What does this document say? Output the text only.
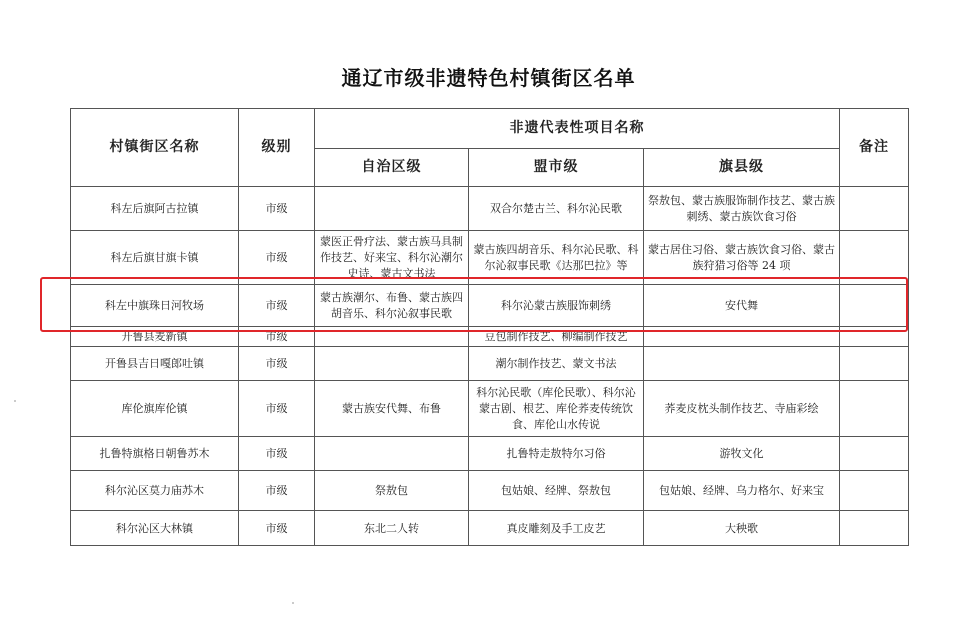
通辽市级非遗特色村镇街区名单
村镇街区名称	级别	非遗代表性项目名称			备注
		自治区级	盟市级	旗县级	
科左后旗阿古拉镇	市级		双合尔楚古兰、科尔沁民歌	祭敖包、蒙古族服饰制作技艺、蒙古族刺绣、蒙古族饮食习俗	
科左后旗甘旗卡镇	市级	蒙医正骨疗法、蒙古族马具制作技艺、好来宝、科尔沁潮尔史诗、蒙古文书法	蒙古族四胡音乐、科尔沁民歌、科尔沁叙事民歌《达那巴拉》等	蒙古居住习俗、蒙古族饮食习俗、蒙古族狩猎习俗等 24 项	
科左中旗珠日河牧场	市级	蒙古族潮尔、布鲁、蒙古族四胡音乐、科尔沁叙事民歌	科尔沁蒙古族服饰刺绣	安代舞	
开鲁县麦新镇	市级		豆包制作技艺、柳编制作技艺		
开鲁县吉日嘎郎吐镇	市级		潮尔制作技艺、蒙文书法		
库伦旗库伦镇	市级	蒙古族安代舞、布鲁	科尔沁民歌（库伦民歌）、科尔沁蒙古剧、根艺、库伦荞麦传统饮食、库伦山水传说	荞麦皮枕头制作技艺、寺庙彩绘	
扎鲁特旗格日朝鲁苏木	市级		扎鲁特走敖特尔习俗	游牧文化	
科尔沁区莫力庙苏木	市级	祭敖包	包姑娘、经牌、祭敖包	包姑娘、经牌、乌力格尔、好来宝	
科尔沁区大林镇	市级	东北二人转	真皮雕刻及手工皮艺	大秧歌	
